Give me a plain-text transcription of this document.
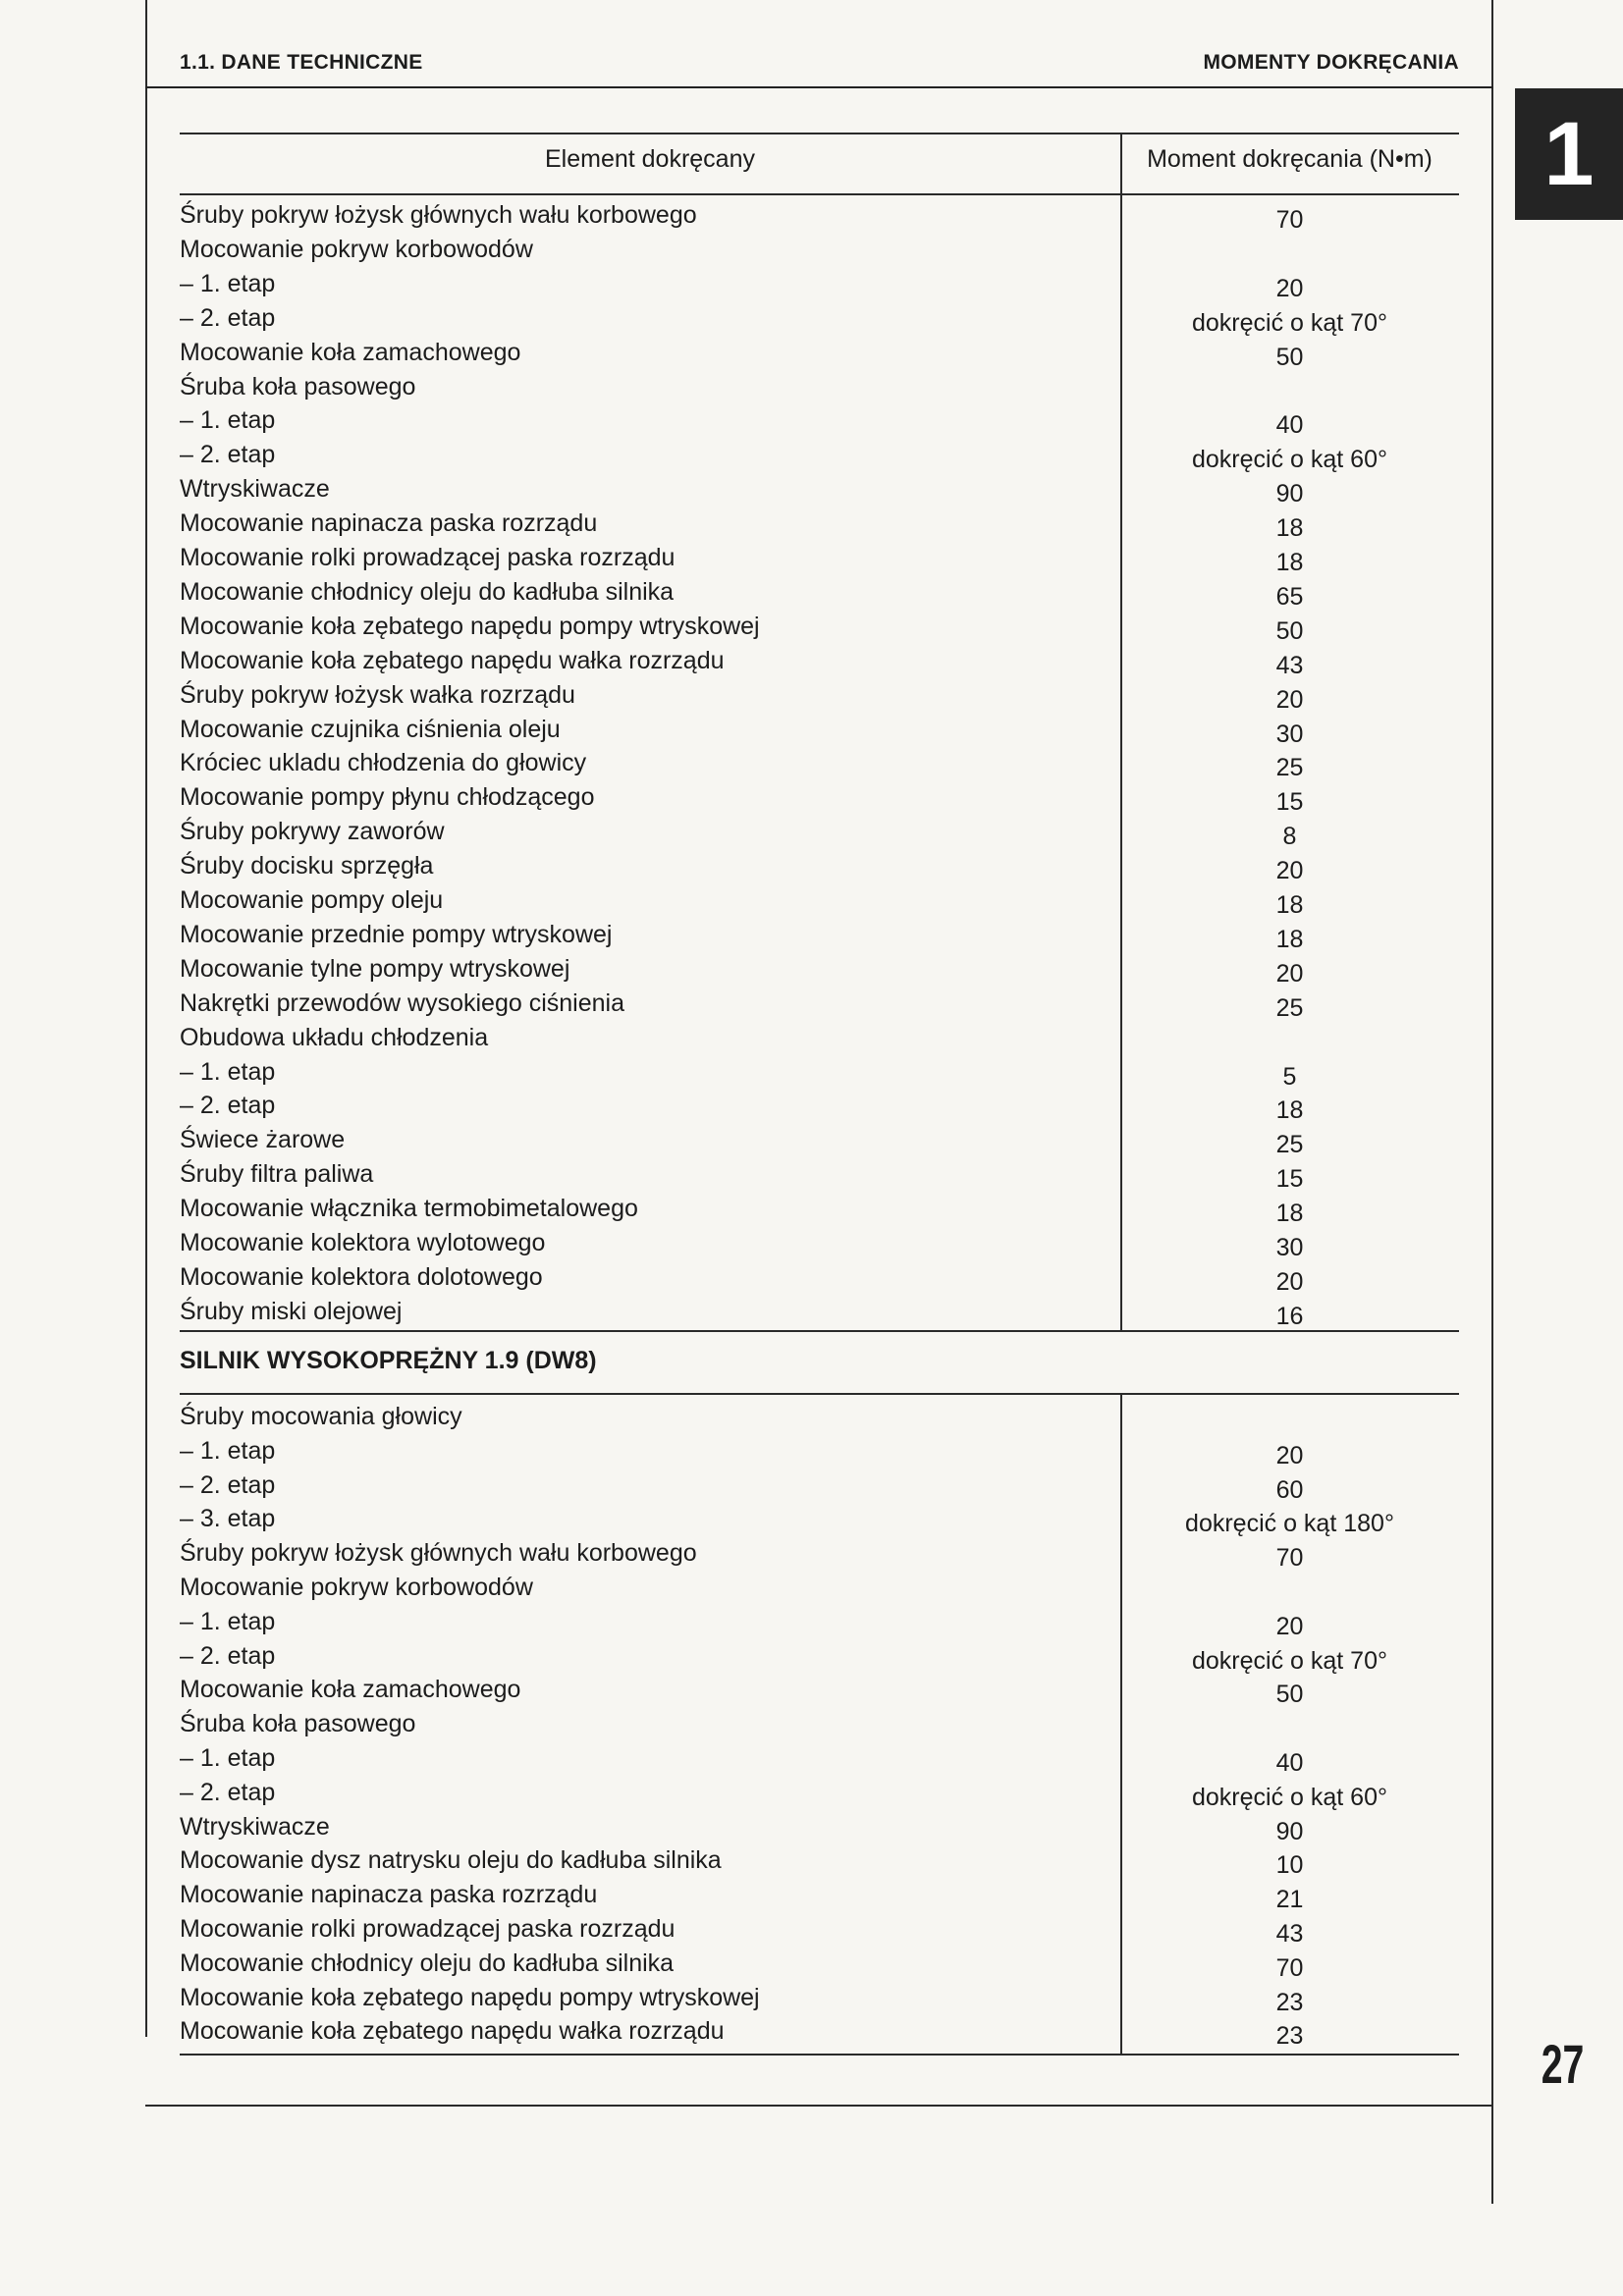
1.1. DANE TECHNICZNE	MOMENTY DOKRĘCANIA
1
Element dokręcany	Moment dokręcania (N•m)
Śruby pokryw łożysk głównych wału korbowego	70
Mocowanie pokryw korbowodów
– 1. etap	20
– 2. etap	dokręcić o kąt 70°
Mocowanie koła zamachowego	50
Śruba koła pasowego
– 1. etap	40
– 2. etap	dokręcić o kąt 60°
Wtryskiwacze	90
Mocowanie napinacza paska rozrządu	18
Mocowanie rolki prowadzącej paska rozrządu	18
Mocowanie chłodnicy oleju do kadłuba silnika	65
Mocowanie koła zębatego napędu pompy wtryskowej	50
Mocowanie koła zębatego napędu wałka rozrządu	43
Śruby pokryw łożysk wałka rozrządu	20
Mocowanie czujnika ciśnienia oleju	30
Króciec ukladu chłodzenia do głowicy	25
Mocowanie pompy płynu chłodzącego	15
Śruby pokrywy zaworów	8
Śruby docisku sprzęgła	20
Mocowanie pompy oleju	18
Mocowanie przednie pompy wtryskowej	18
Mocowanie tylne pompy wtryskowej	20
Nakrętki przewodów wysokiego ciśnienia	25
Obudowa układu chłodzenia
– 1. etap	5
– 2. etap	18
Świece żarowe	25
Śruby filtra paliwa	15
Mocowanie włącznika termobimetalowego	18
Mocowanie kolektora wylotowego	30
Mocowanie kolektora dolotowego	20
Śruby miski olejowej	16
SILNIK WYSOKOPRĘŻNY 1.9 (DW8)
Śruby mocowania głowicy
– 1. etap	20
– 2. etap	60
– 3. etap	dokręcić o kąt 180°
Śruby pokryw łożysk głównych wału korbowego	70
Mocowanie pokryw korbowodów
– 1. etap	20
– 2. etap	dokręcić o kąt 70°
Mocowanie koła zamachowego	50
Śruba koła pasowego
– 1. etap	40
– 2. etap	dokręcić o kąt 60°
Wtryskiwacze	90
Mocowanie dysz natrysku oleju do kadłuba silnika	10
Mocowanie napinacza paska rozrządu	21
Mocowanie rolki prowadzącej paska rozrządu	43
Mocowanie chłodnicy oleju do kadłuba silnika	70
Mocowanie koła zębatego napędu pompy wtryskowej	23
Mocowanie koła zębatego napędu wałka rozrządu	23	27
